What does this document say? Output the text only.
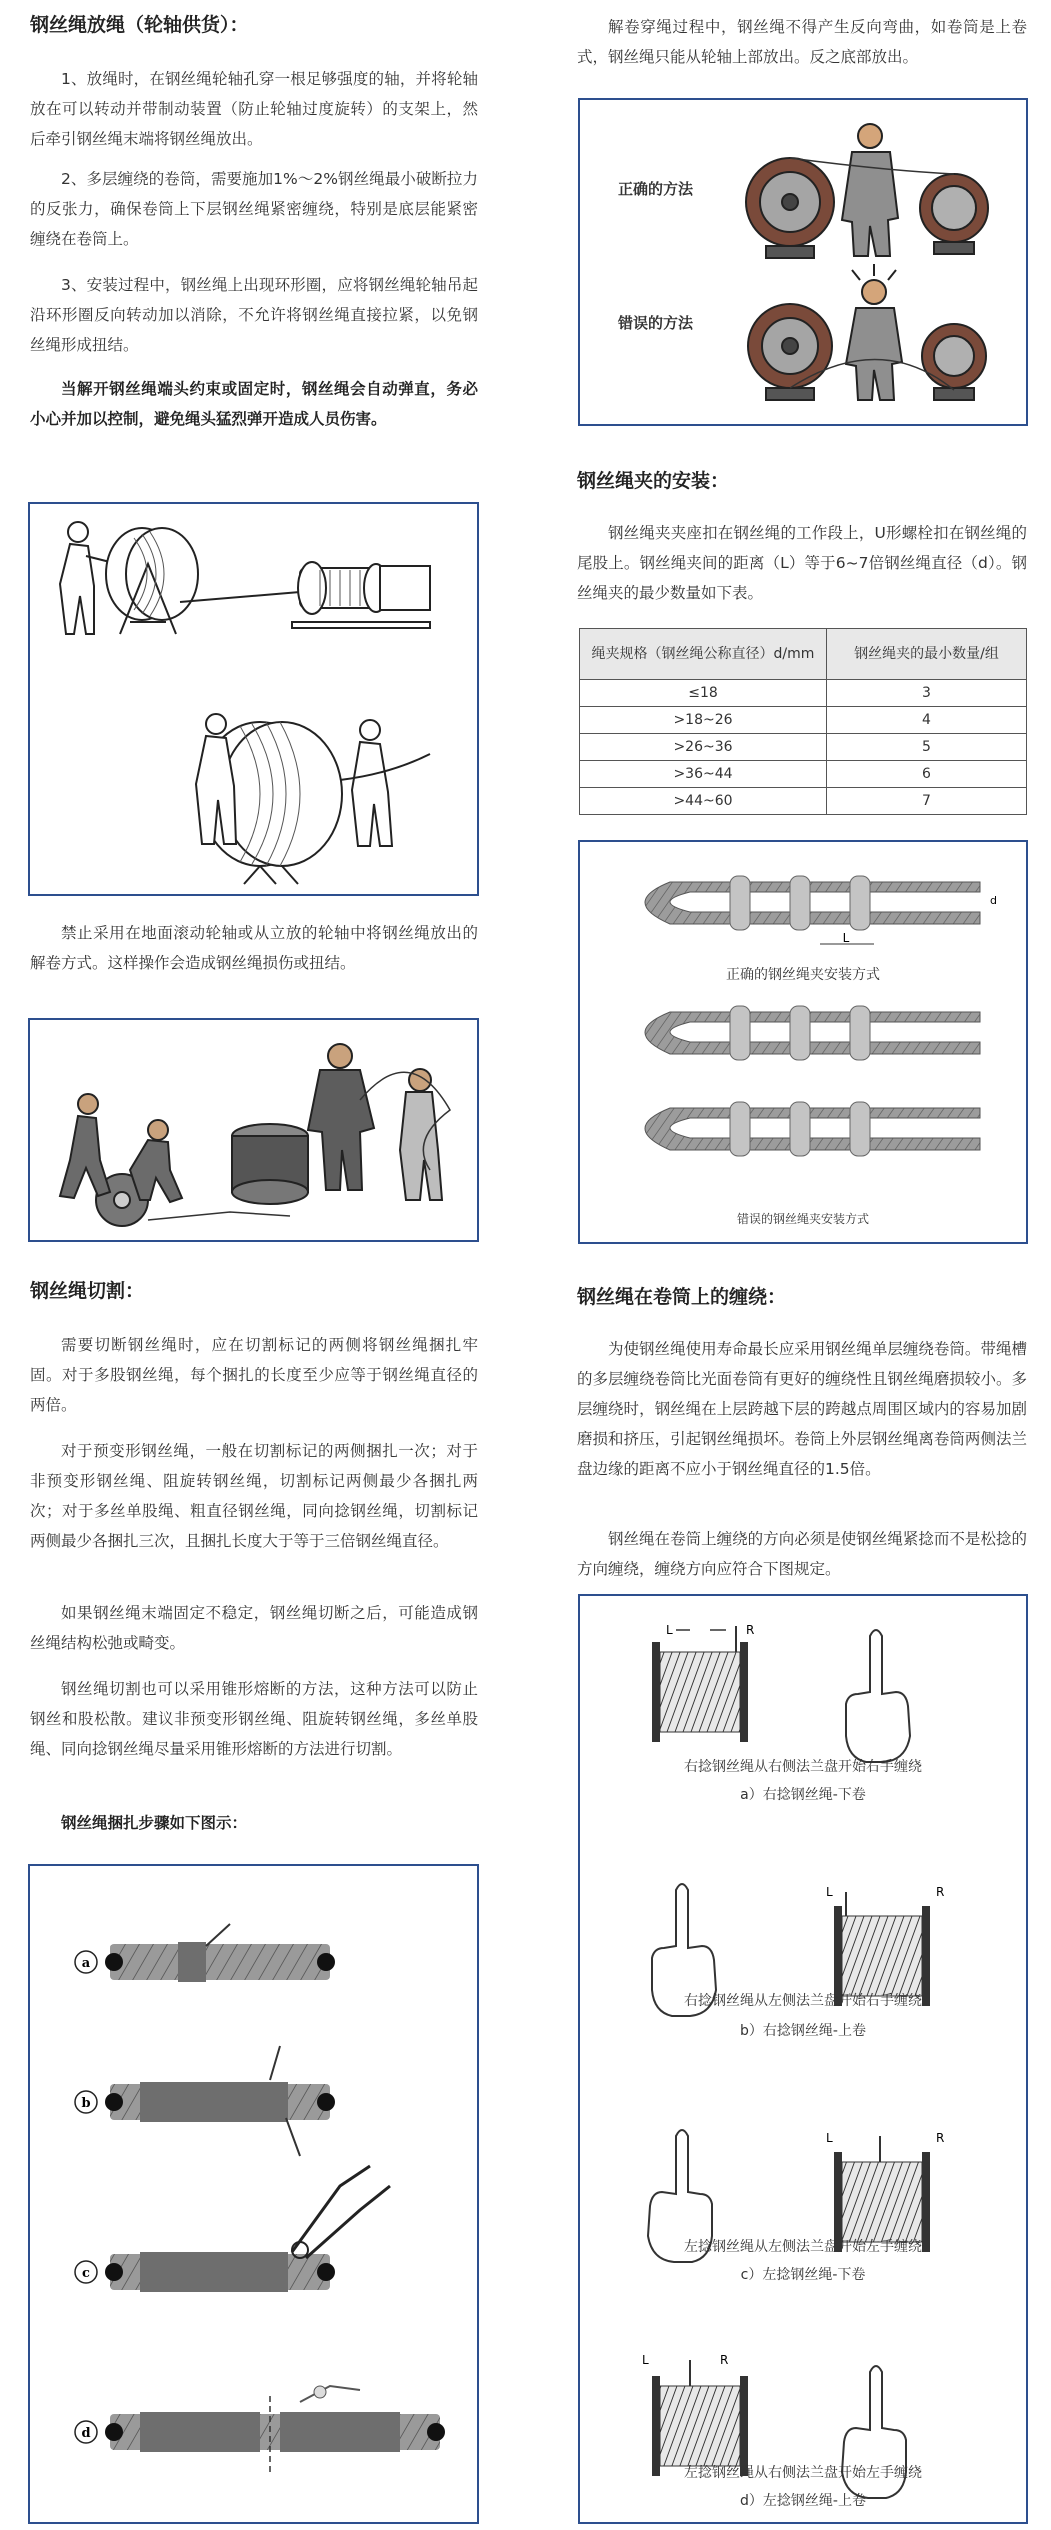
钢丝绳放绳（轮轴供货）：
1、放绳时，在钢丝绳轮轴孔穿一根足够强度的轴，并将轮轴放在可以转动并带制动装置（防止轮轴过度旋转）的支架上，然后牵引钢丝绳末端将钢丝绳放出。
2、多层缠绕的卷筒，需要施加1%～2%钢丝绳最小破断拉力的反张力，确保卷筒上下层钢丝绳紧密缠绕，特别是底层能紧密缠绕在卷筒上。
3、安装过程中，钢丝绳上出现环形圈，应将钢丝绳轮轴吊起沿环形圈反向转动加以消除，不允许将钢丝绳直接拉紧，以免钢丝绳形成扭结。
当解开钢丝绳端头约束或固定时，钢丝绳会自动弹直，务必小心并加以控制，避免绳头猛烈弹开造成人员伤害。
禁止采用在地面滚动轮轴或从立放的轮轴中将钢丝绳放出的解卷方式。这样操作会造成钢丝绳损伤或扭结。
钢丝绳切割：
需要切断钢丝绳时，应在切割标记的两侧将钢丝绳捆扎牢固。对于多股钢丝绳，每个捆扎的长度至少应等于钢丝绳直径的两倍。
对于预变形钢丝绳，一般在切割标记的两侧捆扎一次；对于非预变形钢丝绳、阻旋转钢丝绳，切割标记两侧最少各捆扎两次；对于多丝单股绳、粗直径钢丝绳，同向捻钢丝绳，切割标记两侧最少各捆扎三次，且捆扎长度大于等于三倍钢丝绳直径。
如果钢丝绳末端固定不稳定，钢丝绳切断之后，可能造成钢丝绳结构松弛或畸变。
钢丝绳切割也可以采用锥形熔断的方法，这种方法可以防止钢丝和股松散。建议非预变形钢丝绳、阻旋转钢丝绳，多丝单股绳、同向捻钢丝绳尽量采用锥形熔断的方法进行切割。
钢丝绳捆扎步骤如下图示：
a
b
c
d
解卷穿绳过程中，钢丝绳不得产生反向弯曲，如卷筒是上卷式，钢丝绳只能从轮轴上部放出。反之底部放出。
正确的方法
错误的方法
钢丝绳夹的安装：
钢丝绳夹夹座扣在钢丝绳的工作段上，U形螺栓扣在钢丝绳的尾股上。钢丝绳夹间的距离（L）等于6~7倍钢丝绳直径（d）。钢丝绳夹的最少数量如下表。
绳夹规格（钢丝绳公称直径）d/mm	钢丝绳夹的最小数量/组
≤18	3
>18~26	4
>26~36	5
>36~44	6
>44~60	7
L
d
正确的钢丝绳夹安装方式
错误的钢丝绳夹安装方式
钢丝绳在卷筒上的缠绕：
为使钢丝绳使用寿命最长应采用钢丝绳单层缠绕卷筒。带绳槽的多层缠绕卷筒比光面卷筒有更好的缠绕性且钢丝绳磨损较小。多层缠绕时，钢丝绳在上层跨越下层的跨越点周围区域内的容易加剧磨损和挤压，引起钢丝绳损坏。卷筒上外层钢丝绳离卷筒两侧法兰盘边缘的距离不应小于钢丝绳直径的1.5倍。
钢丝绳在卷筒上缠绕的方向必须是使钢丝绳紧捻而不是松捻的方向缠绕，缠绕方向应符合下图规定。
L	R
L	R
L	R
L	R
右捻钢丝绳从右侧法兰盘开始右手缠绕
a）右捻钢丝绳-下卷
右捻钢丝绳从左侧法兰盘开始右手缠绕
b）右捻钢丝绳-上卷
左捻钢丝绳从左侧法兰盘开始左手缠绕
c）左捻钢丝绳-下卷
左捻钢丝绳从右侧法兰盘开始左手缠绕
d）左捻钢丝绳-上卷
